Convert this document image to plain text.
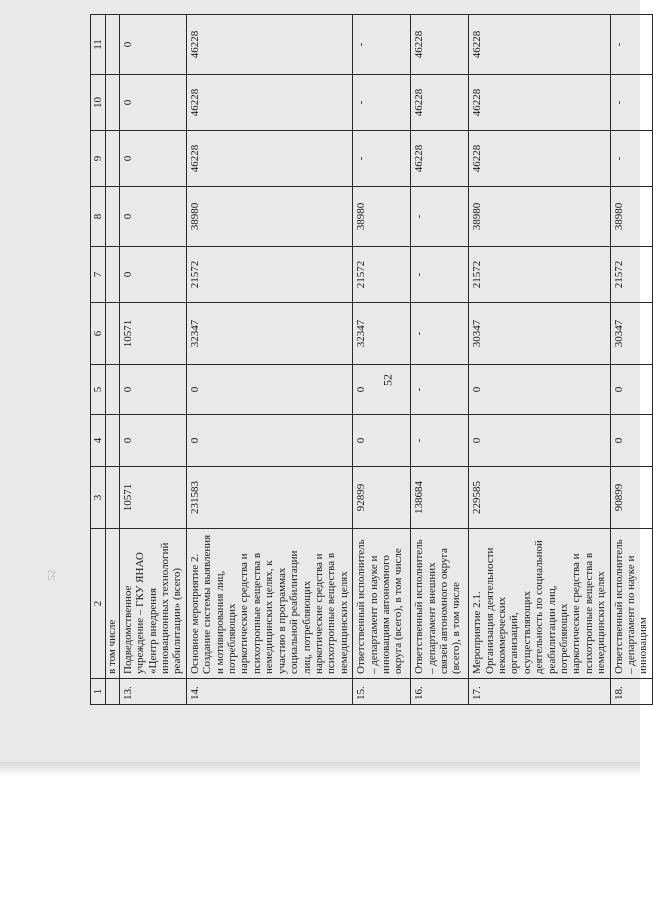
52
52
1	2	3	4	5	6	7	8	9	10	11
	в том числе									
13.	Подведомственное учреждение – ГКУ ЯНАО «Центр внедрения инновационных технологий реабилитации» (всего)	10571	0	0	10571	0	0	0	0	0
14.	Основное мероприятие 2. Создание системы выявления и мотивирования лиц, потребляющих наркотические средства и психотропные вещества в немедицинских целях, к участию в программах социальной реабилитации лиц, потребляющих наркотические средства и психотропные вещества в немедицинских целях	231583	0	0	32347	21572	38980	46228	46228	46228
15.	Ответственный исполнитель – департамент по науке и инновациям автономного округа (всего), в том числе	92899	0	0	32347	21572	38980	-	-	-
16.	Ответственный исполнитель – департамент внешних связей автономного округа (всего), в том числе	138684	-	-	-	-	-	46228	46228	46228
17.	Мероприятие 2.1. Организация деятельности некоммерческих организаций, осуществляющих деятельность по социальной реабилитации лиц, потребляющих наркотические средства и психотропные вещества в немедицинских целях	229585	0	0	30347	21572	38980	46228	46228	46228
18.	Ответственный исполнитель – департамент по науке и инновациям	90899	0	0	30347	21572	38980	-	-	-
